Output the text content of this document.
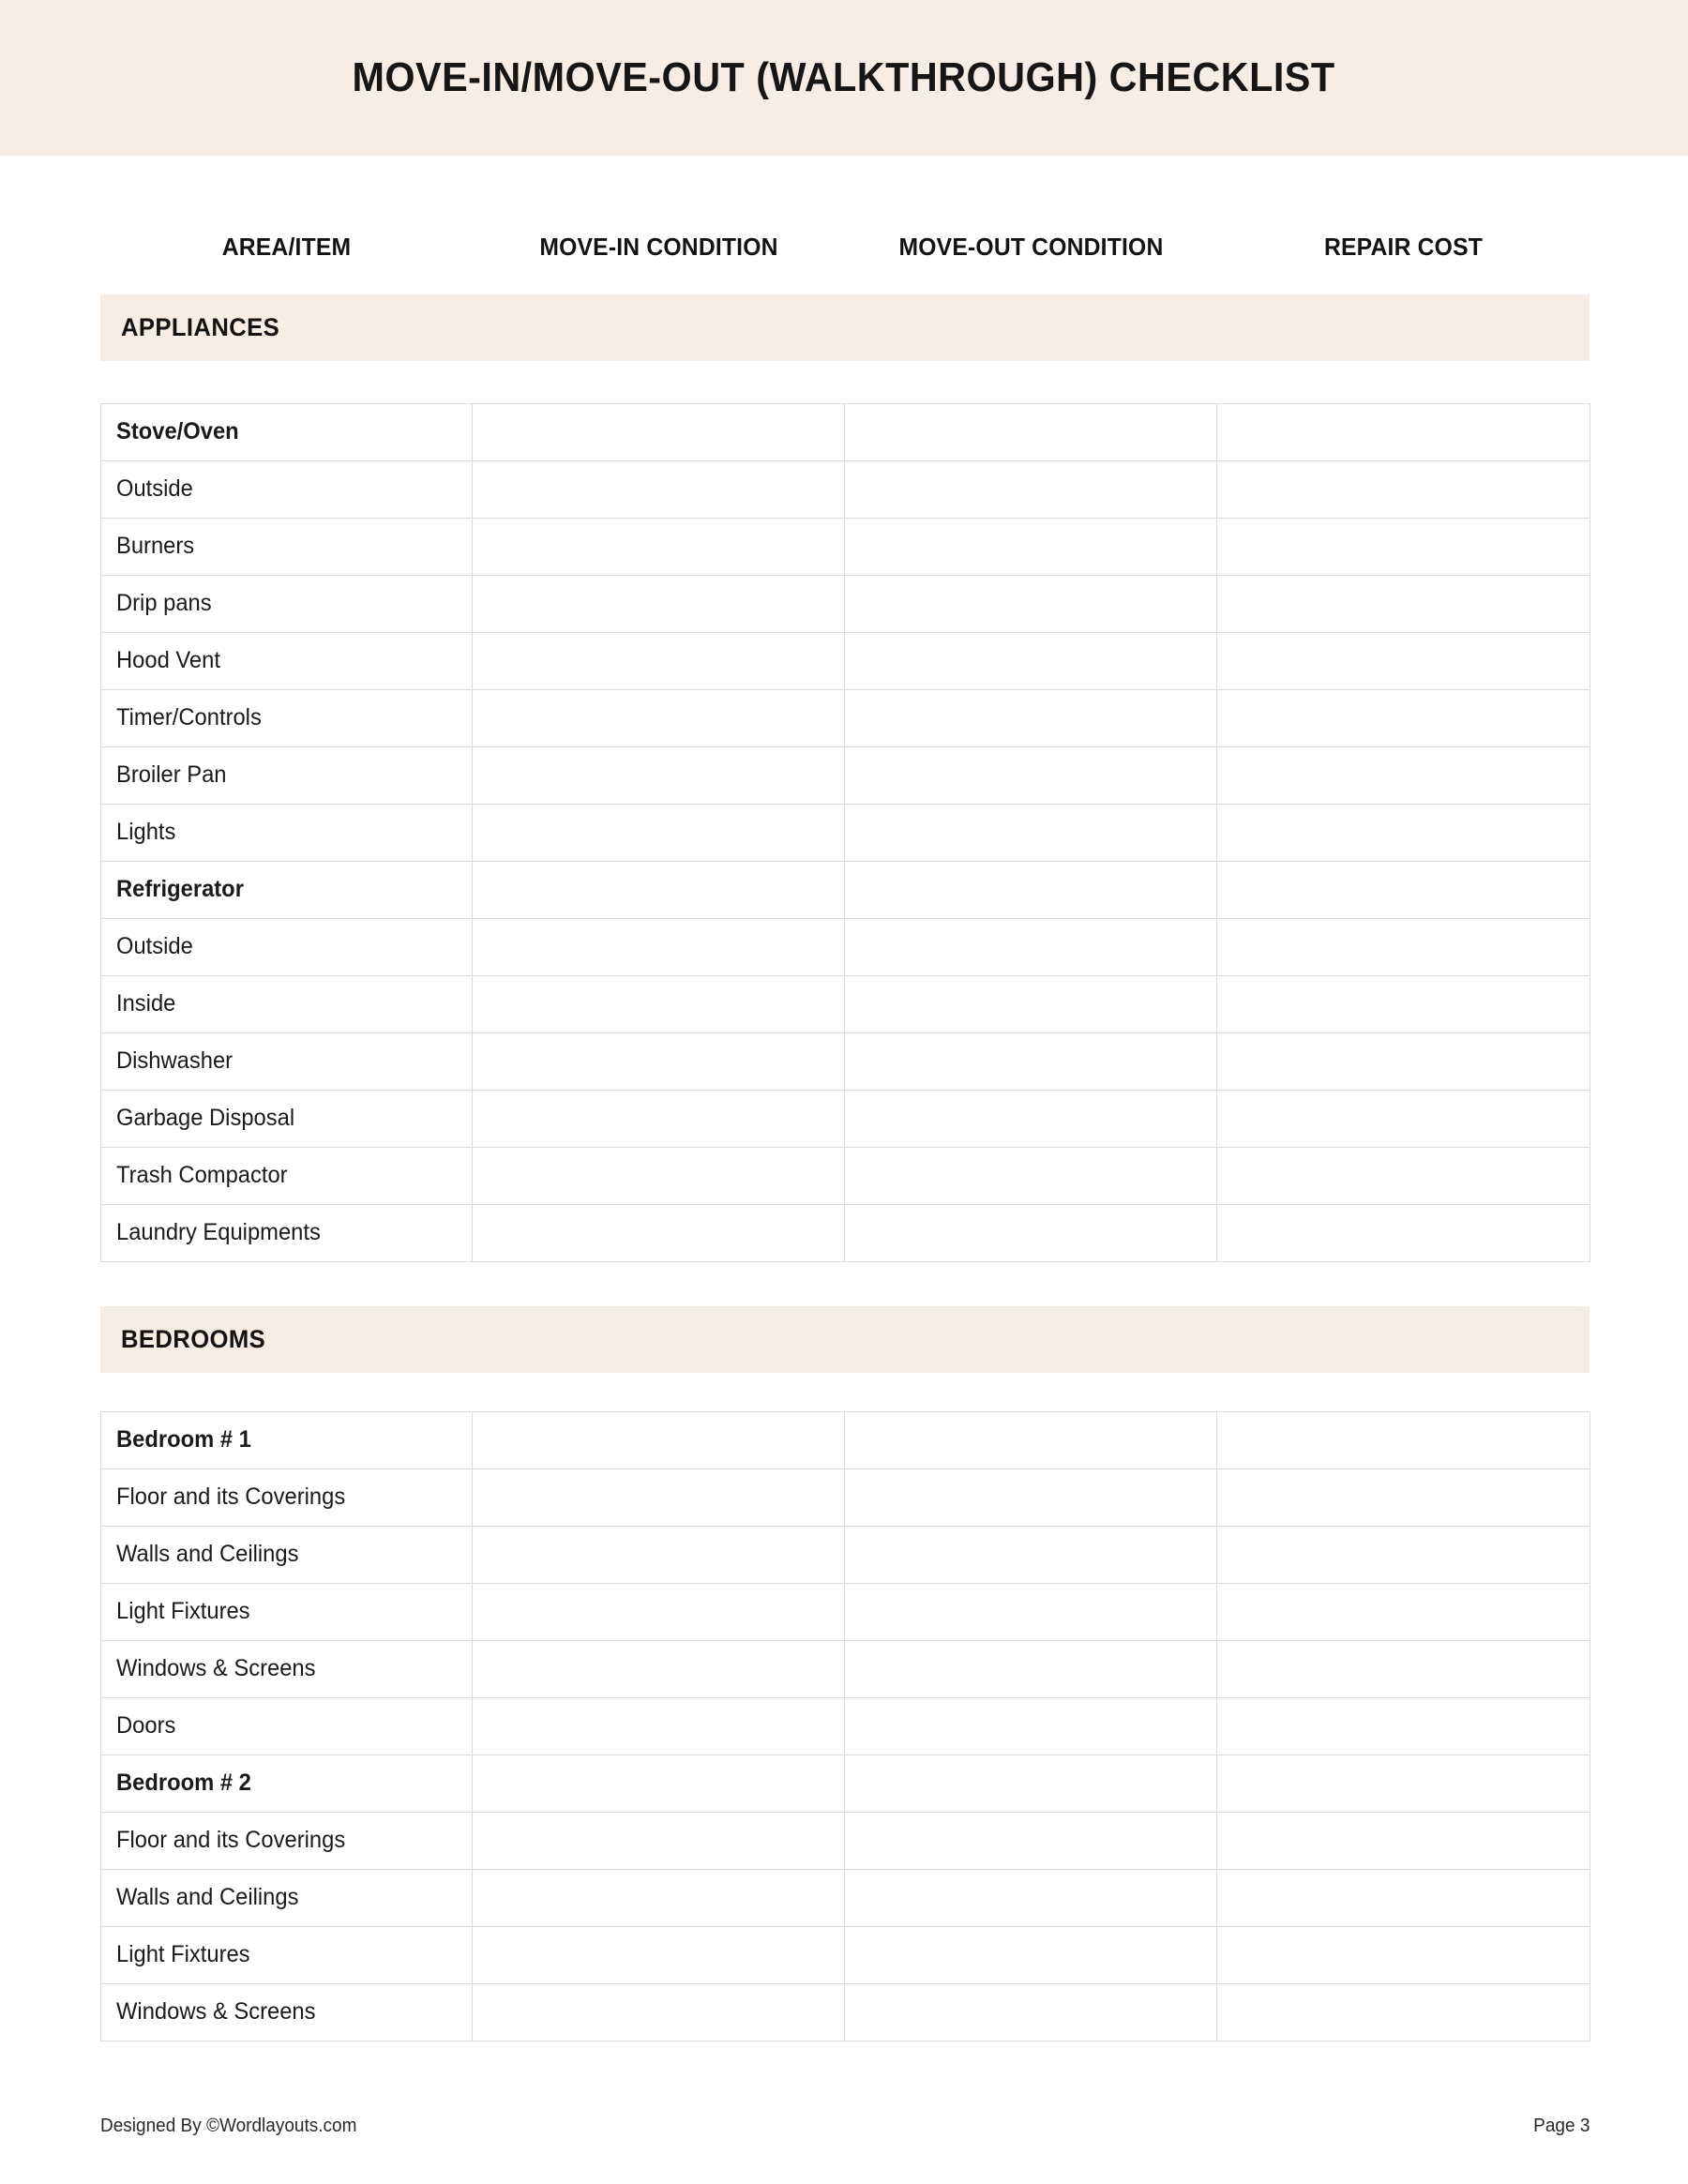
MOVE-IN/MOVE-OUT (WALKTHROUGH) CHECKLIST
AREA/ITEM	MOVE-IN CONDITION	MOVE-OUT CONDITION	REPAIR COST
APPLIANCES
Stove/Oven			
Outside			
Burners			
Drip pans			
Hood Vent			
Timer/Controls			
Broiler Pan			
Lights			
Refrigerator			
Outside			
Inside			
Dishwasher			
Garbage Disposal			
Trash Compactor			
Laundry Equipments			
BEDROOMS
Bedroom # 1			
Floor and its Coverings			
Walls and Ceilings			
Light Fixtures			
Windows & Screens			
Doors			
Bedroom # 2			
Floor and its Coverings			
Walls and Ceilings			
Light Fixtures			
Windows & Screens			
Designed By ©Wordlayouts.com	Page 3
